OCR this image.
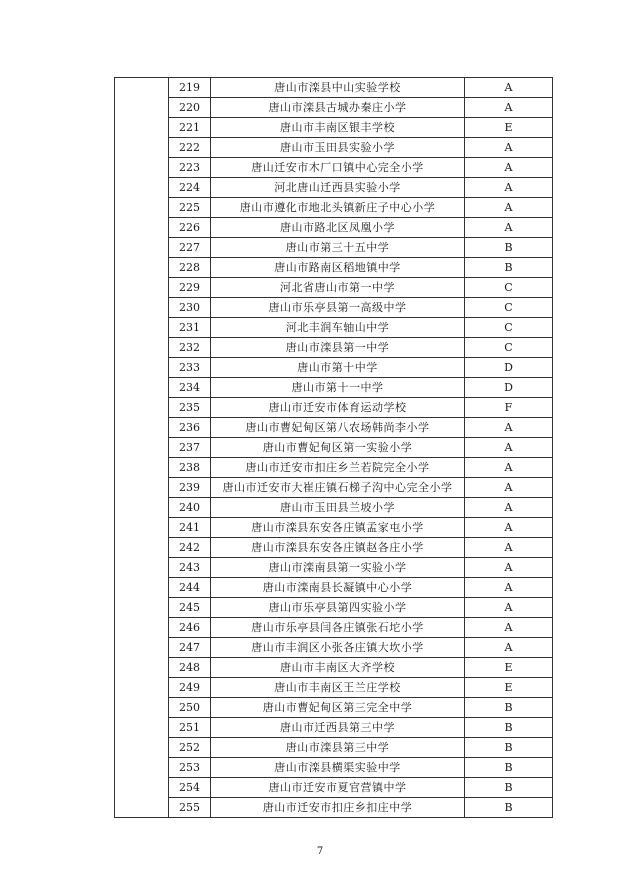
	219	唐山市滦县中山实验学校	A
	220	唐山市滦县古城办秦庄小学	A
	221	唐山市丰南区银丰学校	E
	222	唐山市玉田县实验小学	A
	223	唐山迁安市木厂口镇中心完全小学	A
	224	河北唐山迁西县实验小学	A
	225	唐山市遵化市地北头镇新庄子中心小学	A
	226	唐山市路北区凤凰小学	A
	227	唐山市第三十五中学	B
	228	唐山市路南区稻地镇中学	B
	229	河北省唐山市第一中学	C
	230	唐山市乐亭县第一高级中学	C
	231	河北丰润车轴山中学	C
	232	唐山市滦县第一中学	C
	233	唐山市第十中学	D
	234	唐山市第十一中学	D
	235	唐山市迁安市体育运动学校	F
	236	唐山市曹妃甸区第八农场韩尚李小学	A
	237	唐山市曹妃甸区第一实验小学	A
	238	唐山市迁安市扣庄乡兰若院完全小学	A
	239	唐山市迁安市大崔庄镇石梯子沟中心完全小学	A
	240	唐山市玉田县兰坡小学	A
	241	唐山市滦县东安各庄镇孟家屯小学	A
	242	唐山市滦县东安各庄镇赵各庄小学	A
	243	唐山市滦南县第一实验小学	A
	244	唐山市滦南县长凝镇中心小学	A
	245	唐山市乐亭县第四实验小学	A
	246	唐山市乐亭县闫各庄镇张石坨小学	A
	247	唐山市丰润区小张各庄镇大坎小学	A
	248	唐山市丰南区大齐学校	E
	249	唐山市丰南区王兰庄学校	E
	250	唐山市曹妃甸区第三完全中学	B
	251	唐山市迁西县第三中学	B
	252	唐山市滦县第三中学	B
	253	唐山市滦县横渠实验中学	B
	254	唐山市迁安市夏官营镇中学	B
	255	唐山市迁安市扣庄乡扣庄中学	B
7
